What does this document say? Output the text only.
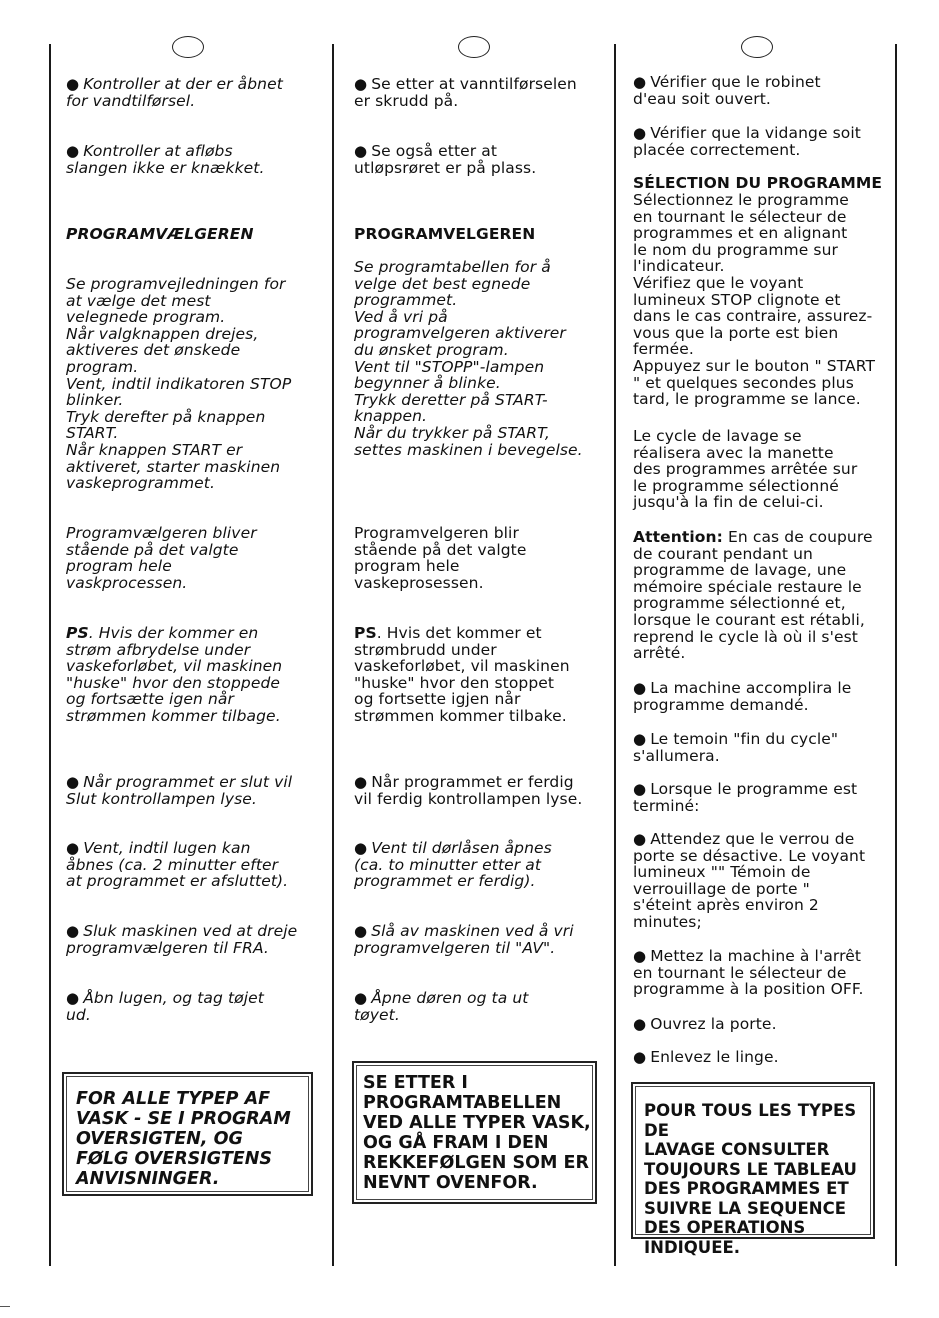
● Kontroller at der er åbnet
for vandtilførsel.

● Kontroller at afløbs
slangen ikke er knækket.

PROGRAMVÆLGEREN

Se programvejledningen for
at vælge det mest
velegnede program.
Når valgknappen drejes,
aktiveres det ønskede
program.
Vent, indtil indikatoren STOP
blinker.
Tryk derefter på knappen
START.
Når knappen START er
aktiveret, starter maskinen
vaskeprogrammet.

Programvælgeren bliver
stående på det valgte
program hele
vaskprocessen.

PS. Hvis der kommer en
strøm afbrydelse under
vaskeforløbet, vil maskinen
"huske" hvor den stoppede
og fortsætte igen når
strømmen kommer tilbage.

● Når programmet er slut vil
Slut kontrollampen lyse.

● Vent, indtil lugen kan
åbnes (ca. 2 minutter efter
at programmet er afsluttet).

● Sluk maskinen ved at dreje
programvælgeren til FRA.

● Åbn lugen, og tag tøjet
ud.

FOR ALLE TYPEP AF
VASK - SE I PROGRAM
OVERSIGTEN, OG
FØLG OVERSIGTENS
ANVISNINGER.

● Se etter at vanntilførselen
er skrudd på.

● Se også etter at
utløpsrøret er på plass.

PROGRAMVELGEREN

Se programtabellen for å
velge det best egnede
programmet.
Ved å vri på
programvelgeren aktiverer
du ønsket program.
Vent til "STOPP"-lampen
begynner å blinke.
Trykk deretter på START-
knappen.
Når du trykker på START,
settes maskinen i bevegelse.

Programvelgeren blir
stående på det valgte
program hele
vaskeprosessen.

PS. Hvis det kommer et
strømbrudd under
vaskeforløbet, vil maskinen
"huske" hvor den stoppet
og fortsette igjen når
strømmen kommer tilbake.

● Når programmet er ferdig
vil ferdig kontrollampen lyse.

● Vent til dørlåsen åpnes
(ca. to minutter etter at
programmet er ferdig).

● Slå av maskinen ved å vri
programvelgeren til "AV".

● Åpne døren og ta ut
tøyet.

SE ETTER I
PROGRAMTABELLEN
VED ALLE TYPER VASK,
OG GÅ FRAM I DEN
REKKEFØLGEN SOM ER
NEVNT OVENFOR.

● Vérifier que le robinet
d'eau soit ouvert.

● Vérifier que la vidange soit
placée correctement.

SÉLECTION DU PROGRAMME

Sélectionnez le programme
en tournant le sélecteur de
programmes et en alignant
le nom du programme sur
l'indicateur.
Vérifiez que le voyant
lumineux STOP clignote et
dans le cas contraire, assurez-
vous que la porte est bien
fermée.
Appuyez sur le bouton " START
" et quelques secondes plus
tard, le programme se lance.

Le cycle de lavage se
réalisera avec la manette
des programmes arrêtée sur
le programme sélectionné
jusqu'à la fin de celui-ci.

Attention: En cas de coupure
de courant pendant un
programme de lavage, une
mémoire spéciale restaure le
programme sélectionné et,
lorsque le courant est rétabli,
reprend le cycle là où il s'est
arrêté.

● La machine accomplira le
programme demandé.

● Le temoin "fin du cycle"
s'allumera.

● Lorsque le programme est
terminé:

● Attendez que le verrou de
porte se désactive. Le voyant
lumineux "" Témoin de
verrouillage de porte "
s'éteint après environ 2
minutes;

● Mettez la machine à l'arrêt
en tournant le sélecteur de
programme à la position OFF.

● Ouvrez la porte.

● Enlevez le linge.

POUR TOUS LES TYPES DE
LAVAGE CONSULTER
TOUJOURS LE TABLEAU
DES PROGRAMMES ET
SUIVRE LA SEQUENCE
DES OPERATIONS
INDIQUEE.
